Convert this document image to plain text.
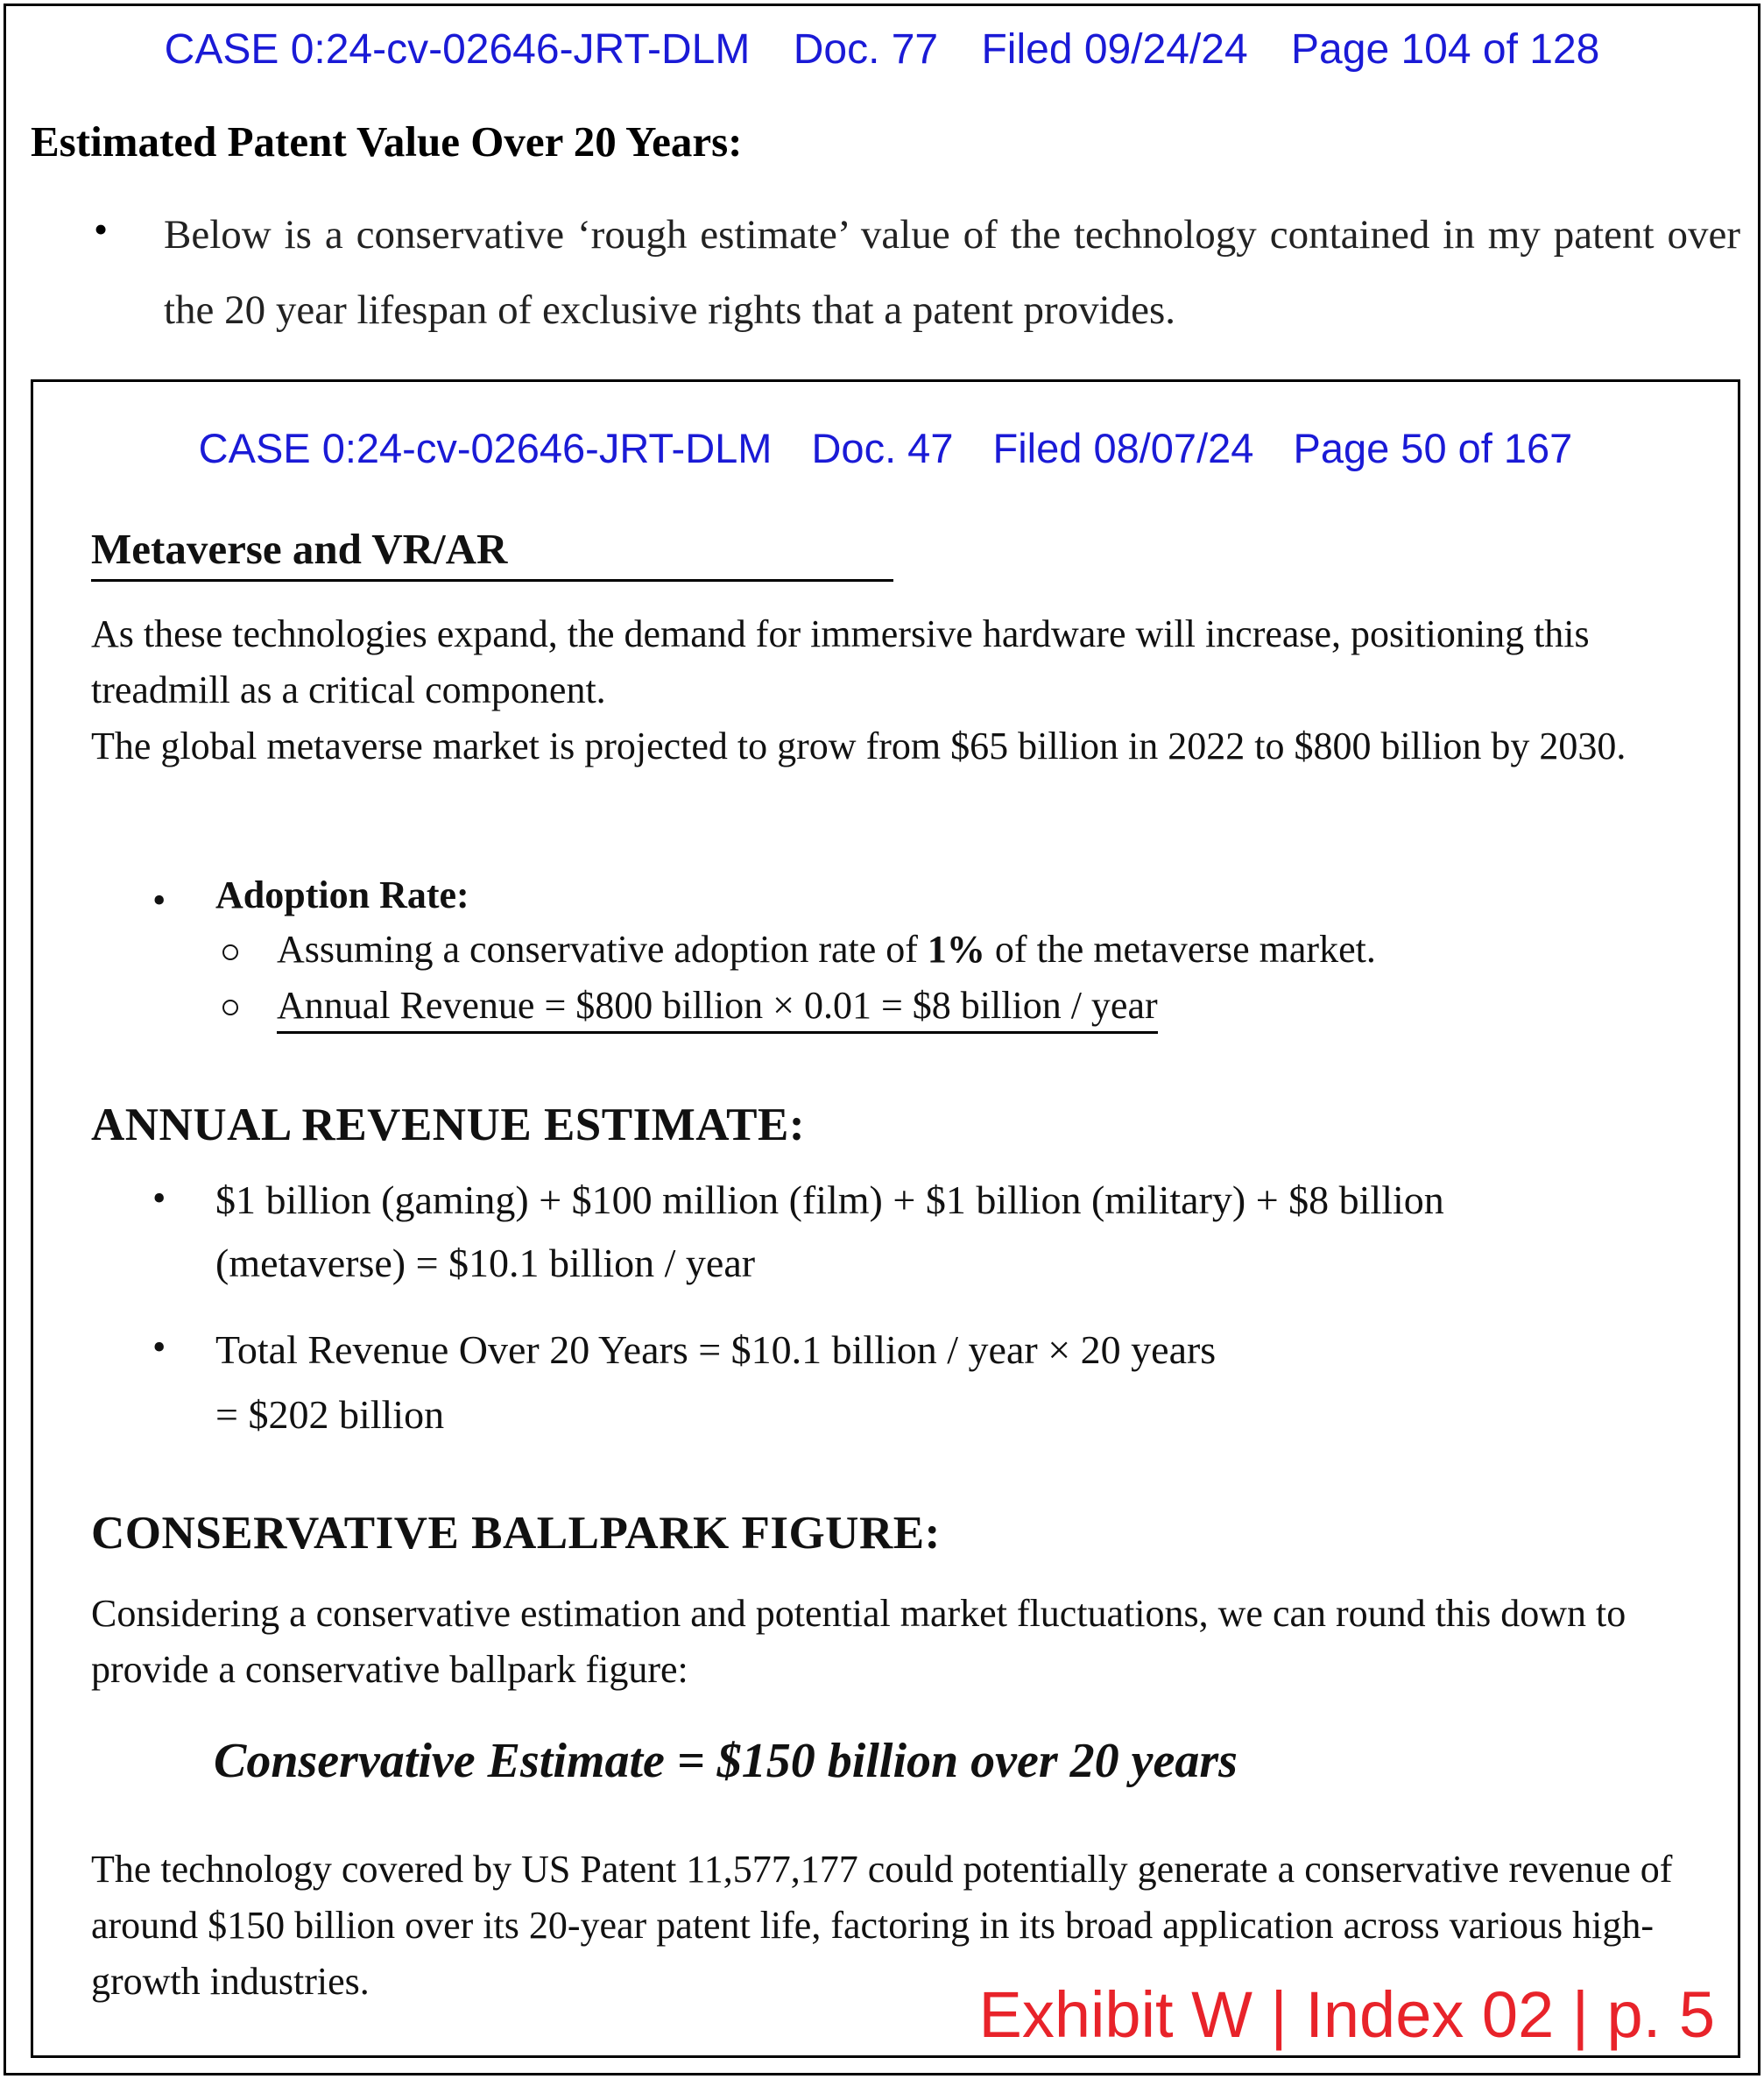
CASE 0:24-cv-02646-JRT-DLM Doc. 77 Filed 09/24/24 Page 104 of 128
Estimated Patent Value Over 20 Years:
• Below is a conservative ‘rough estimate’ value of the technology contained in my patent over the 20 year lifespan of exclusive rights that a patent provides.
CASE 0:24-cv-02646-JRT-DLM Doc. 47 Filed 08/07/24 Page 50 of 167
Metaverse and VR/AR
As these technologies expand, the demand for immersive hardware will increase, positioning this treadmill as a critical component.
The global metaverse market is projected to grow from $65 billion in 2022 to $800 billion by 2030.
• Adoption Rate:
Assuming a conservative adoption rate of 1% of the metaverse market.
Annual Revenue = $800 billion × 0.01 = $8 billion / year
ANNUAL REVENUE ESTIMATE:
• $1 billion (gaming) + $100 million (film) + $1 billion (military) + $8 billion
(metaverse) = $10.1 billion / year
• Total Revenue Over 20 Years = $10.1 billion / year × 20 years
= $202 billion
CONSERVATIVE BALLPARK FIGURE:
Considering a conservative estimation and potential market fluctuations, we can round this down to provide a conservative ballpark figure:
Conservative Estimate = $150 billion over 20 years
The technology covered by US Patent 11,577,177 could potentially generate a conservative revenue of around $150 billion over its 20-year patent life, factoring in its broad application across various high-growth industries.	Exhibit W | Index 02 | p. 5
